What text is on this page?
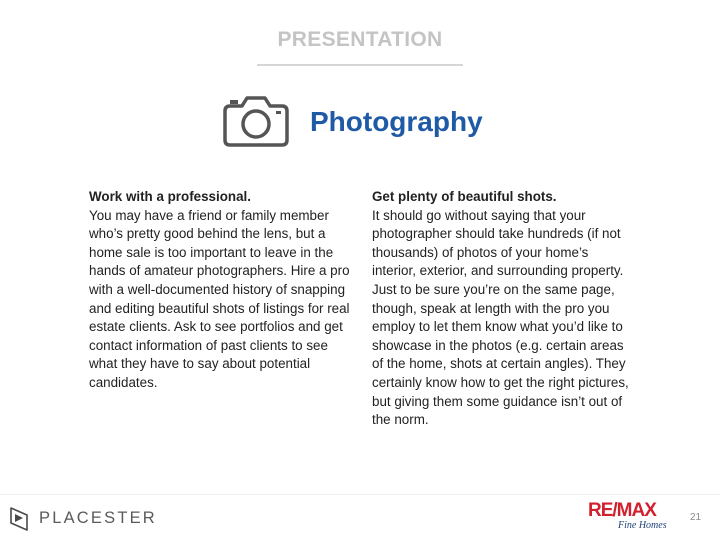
PRESENTATION
Photography
Work with a professional.
You may have a friend or family member who’s pretty good behind the lens, but a home sale is too important to leave in the hands of amateur photographers. Hire a pro with a well-documented history of snapping and editing beautiful shots of listings for real estate clients. Ask to see portfolios and get contact information of past clients to see what they have to say about potential candidates.
Get plenty of beautiful shots.
It should go without saying that your photographer should take hundreds (if not thousands) of photos of your home’s interior, exterior, and surrounding property. Just to be sure you’re on the same page, though, speak at length with the pro you employ to let them know what you’d like to showcase in the photos (e.g. certain areas of the home, shots at certain angles). They certainly know how to get the right pictures, but giving them some guidance isn’t out of the norm.
PLACESTER	RE/MAX
Fine Homes
21
